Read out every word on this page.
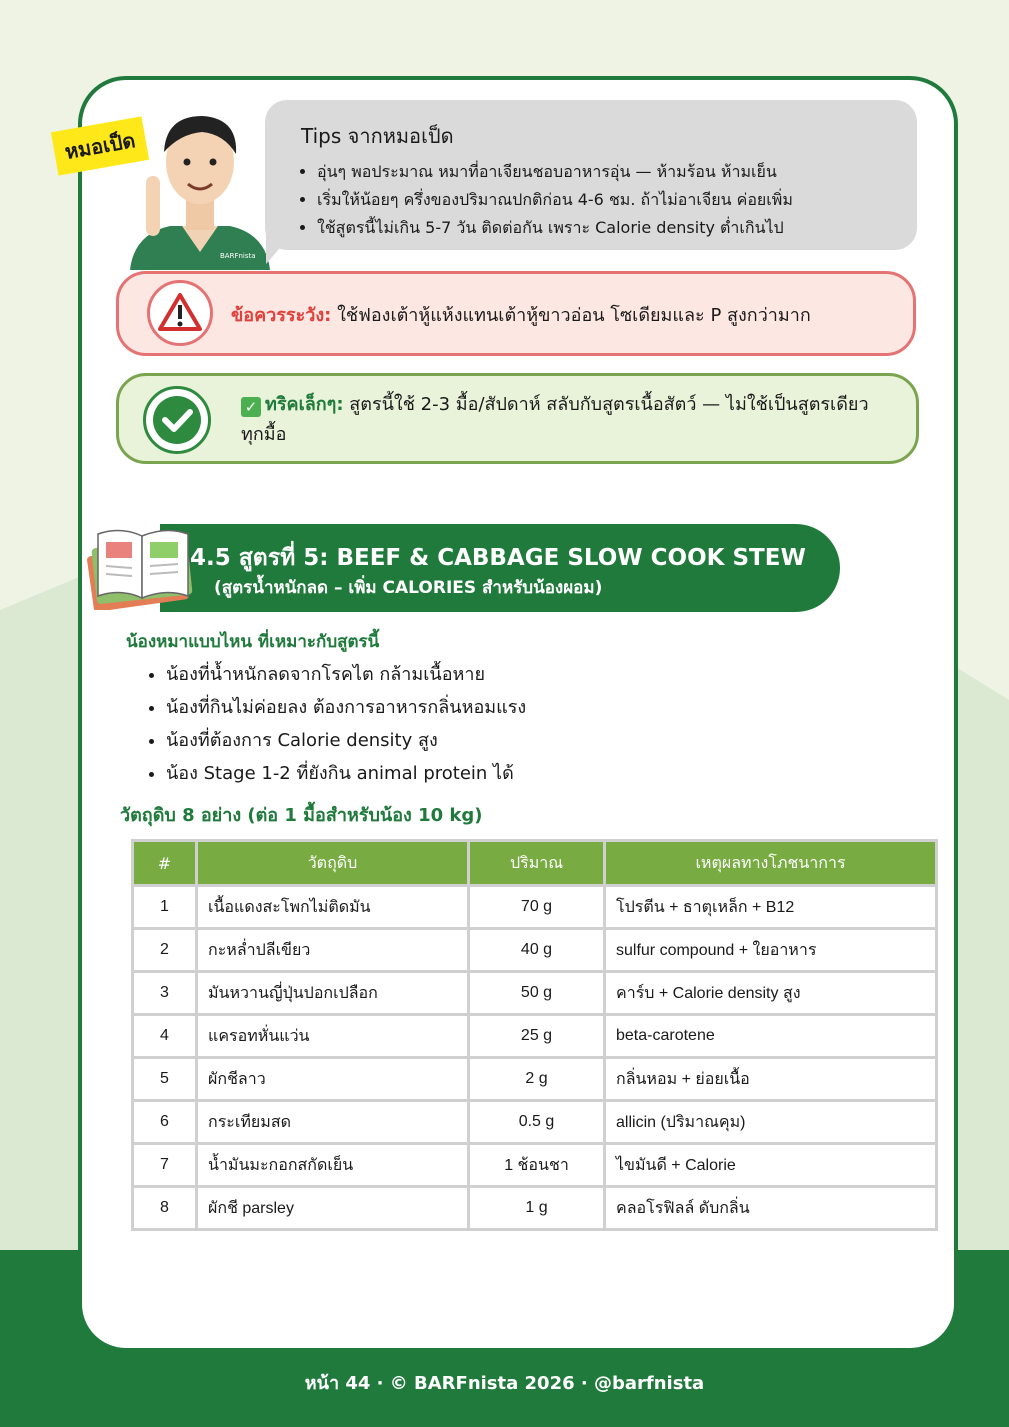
BARFnista
หมอเป็ด	Tips จากหมอเป็ด
• อุ่นๆ พอประมาณ หมาที่อาเจียนชอบอาหารอุ่น — ห้ามร้อน ห้ามเย็น
• เริ่มให้น้อยๆ ครึ่งของปริมาณปกติก่อน 4-6 ชม. ถ้าไม่อาเจียน ค่อยเพิ่ม
• ใช้สูตรนี้ไม่เกิน 5-7 วัน ติดต่อกัน เพราะ Calorie density ต่ำเกินไป
ข้อควรระวัง: ใช้ฟองเต้าหู้แห้งแทนเต้าหู้ขาวอ่อน โซเดียมและ P สูงกว่ามาก
✓ ทริคเล็กๆ: สูตรนี้ใช้ 2-3 มื้อ/สัปดาห์ สลับกับสูตรเนื้อสัตว์ — ไม่ใช้เป็นสูตรเดียวทุกมื้อ
4.5 สูตรที่ 5: BEEF & CABBAGE SLOW COOK STEW
(สูตรน้ำหนักลด – เพิ่ม CALORIES สำหรับน้องผอม)
น้องหมาแบบไหน ที่เหมาะกับสูตรนี้
• น้องที่น้ำหนักลดจากโรคไต กล้ามเนื้อหาย
• น้องที่กินไม่ค่อยลง ต้องการอาหารกลิ่นหอมแรง
• น้องที่ต้องการ Calorie density สูง
• น้อง Stage 1-2 ที่ยังกิน animal protein ได้
วัตถุดิบ 8 อย่าง (ต่อ 1 มื้อสำหรับน้อง 10 kg)
#	วัตถุดิบ	ปริมาณ	เหตุผลทางโภชนาการ
1	เนื้อแดงสะโพกไม่ติดมัน	70 g	โปรตีน + ธาตุเหล็ก + B12
2	กะหล่ำปลีเขียว	40 g	sulfur compound + ใยอาหาร
3	มันหวานญี่ปุ่นปอกเปลือก	50 g	คาร์บ + Calorie density สูง
4	แครอทหั่นแว่น	25 g	beta-carotene
5	ผักชีลาว	2 g	กลิ่นหอม + ย่อยเนื้อ
6	กระเทียมสด	0.5 g	allicin (ปริมาณคุม)
7	น้ำมันมะกอกสกัดเย็น	1 ช้อนชา	ไขมันดี + Calorie
8	ผักชี parsley	1 g	คลอโรฟิลล์ ดับกลิ่น
หน้า 44 · © BARFnista 2026 · @barfnista
